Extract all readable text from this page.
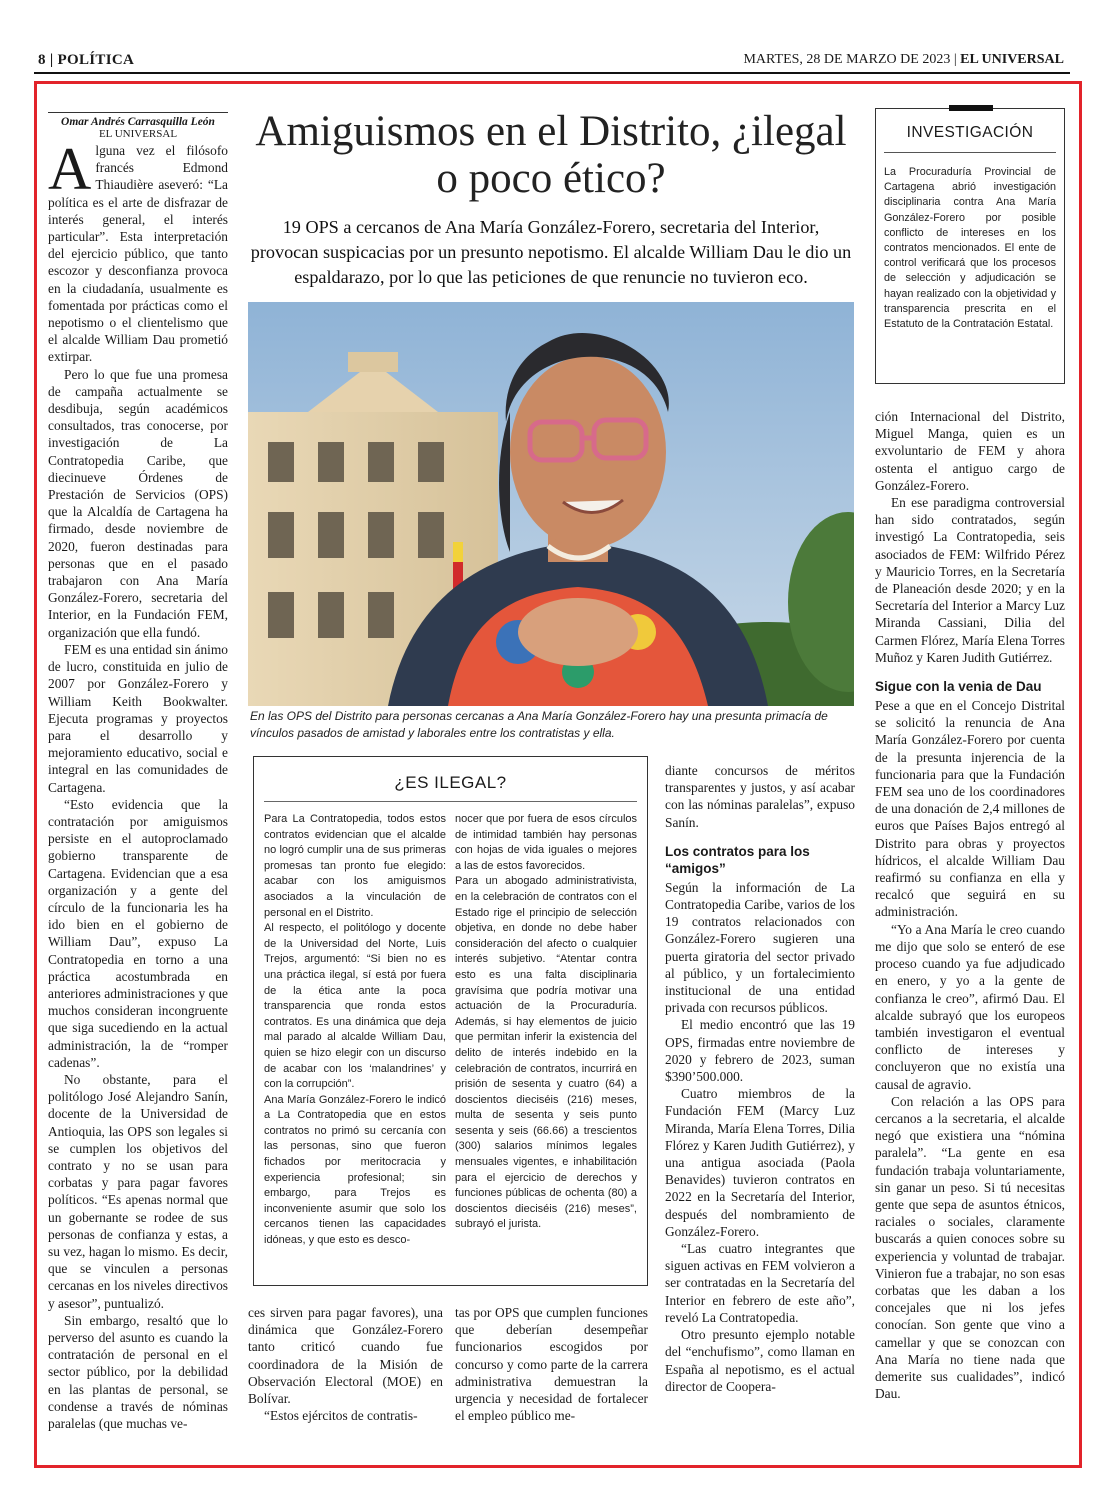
8 | POLÍTICA	MARTES, 28 DE MARZO DE 2023 | EL UNIVERSAL
Omar Andrés Carrasquilla León
EL UNIVERSAL

Alguna vez el filósofo francés Edmond Thiaudière aseveró: “La política es el arte de disfrazar de interés general, el interés particular”. Esta interpretación del ejercicio público, que tanto escozor y desconfianza provoca en la ciudadanía, usualmente es fomentada por prácticas como el nepotismo o el clientelismo que el alcalde William Dau prometió extirpar.

Pero lo que fue una promesa de campaña actualmente se desdibuja, según académicos consultados, tras conocerse, por investigación de La Contratopedia Caribe, que diecinueve Órdenes de Prestación de Servicios (OPS) que la Alcaldía de Cartagena ha firmado, desde noviembre de 2020, fueron destinadas para personas que en el pasado trabajaron con Ana María González-Forero, secretaria del Interior, en la Fundación FEM, organización que ella fundó.

FEM es una entidad sin ánimo de lucro, constituida en julio de 2007 por González-Forero y William Keith Bookwalter. Ejecuta programas y proyectos para el desarrollo y mejoramiento educativo, social e integral en las comunidades de Cartagena.

“Esto evidencia que la contratación por amiguismos persiste en el autoproclamado gobierno transparente de Cartagena. Evidencian que a esa organización y a gente del círculo de la funcionaria les ha ido bien en el gobierno de William Dau”, expuso La Contratopedia en torno a una práctica acostumbrada en anteriores administraciones y que muchos consideran incongruente que siga sucediendo en la actual administración, la de “romper cadenas”.

No obstante, para el politólogo José Alejandro Sanín, docente de la Universidad de Antioquia, las OPS son legales si se cumplen los objetivos del contrato y no se usan para corbatas y para pagar favores políticos. “Es apenas normal que un gobernante se rodee de sus personas de confianza y estas, a su vez, hagan lo mismo. Es decir, que se vinculen a personas cercanas en los niveles directivos y asesor”, puntualizó.

Sin embargo, resaltó que lo perverso del asunto es cuando la contratación de personal en el sector público, por la debilidad en las plantas de personal, se condense a través de nóminas paralelas (que muchas ve-

Amiguismos en el Distrito, ¿ilegal o poco ético?
19 OPS a cercanos de Ana María González-Forero, secretaria del Interior, provocan suspicacias por un presunto nepotismo. El alcalde William Dau le dio un espaldarazo, por lo que las peticiones de que renuncie no tuvieron eco.
En las OPS del Distrito para personas cercanas a Ana María González-Forero hay una presunta primacía de vínculos pasados de amistad y laborales entre los contratistas y ella.
¿ES ILEGAL?

Para La Contratopedia, todos estos contratos evidencian que el alcalde no logró cumplir una de sus primeras promesas tan pronto fue elegido: acabar con los amiguismos asociados a la vinculación de personal en el Distrito.

Al respecto, el politólogo y docente de la Universidad del Norte, Luis Trejos, argumentó: “Si bien no es una práctica ilegal, sí está por fuera de la ética ante la poca transparencia que ronda estos contratos. Es una dinámica que deja mal parado al alcalde William Dau, quien se hizo elegir con un discurso de acabar con los ‘malandrines’ y con la corrupción”.

Ana María González-Forero le indicó a La Contratopedia que en estos contratos no primó su cercanía con las personas, sino que fueron fichados por meritocracia y experiencia profesional; sin embargo, para Trejos es inconveniente asumir que solo los cercanos tienen las capacidades idóneas, y que esto es desco-

nocer que por fuera de esos círculos de intimidad también hay personas con hojas de vida iguales o mejores a las de estos favorecidos.

Para un abogado administrativista, en la celebración de contratos con el Estado rige el principio de selección objetiva, en donde no debe haber consideración del afecto o cualquier interés subjetivo. “Atentar contra esto es una falta disciplinaria gravísima que podría motivar una actuación de la Procuraduría. Además, si hay elementos de juicio que permitan inferir la existencia del delito de interés indebido en la celebración de contratos, incurrirá en prisión de sesenta y cuatro (64) a doscientos dieciséis (216) meses, multa de sesenta y seis punto sesenta y seis (66.66) a trescientos (300) salarios mínimos legales mensuales vigentes, e inhabilitación para el ejercicio de derechos y funciones públicas de ochenta (80) a doscientos dieciséis (216) meses”, subrayó el jurista.

ces sirven para pagar favores), una dinámica que González-Forero tanto criticó cuando fue coordinadora de la Misión de Observación Electoral (MOE) en Bolívar.

“Estos ejércitos de contratis-

tas por OPS que cumplen funciones que deberían desempeñar funcionarios escogidos por concurso y como parte de la carrera administrativa demuestran la urgencia y necesidad de fortalecer el empleo público me-

diante concursos de méritos transparentes y justos, y así acabar con las nóminas paralelas”, expuso Sanín.

Los contratos para los “amigos”

Según la información de La Contratopedia Caribe, varios de los 19 contratos relacionados con González-Forero sugieren una puerta giratoria del sector privado al público, y un fortalecimiento institucional de una entidad privada con recursos públicos.

El medio encontró que las 19 OPS, firmadas entre noviembre de 2020 y febrero de 2023, suman $390’500.000.

Cuatro miembros de la Fundación FEM (Marcy Luz Miranda, María Elena Torres, Dilia Flórez y Karen Judith Gutiérrez), y una antigua asociada (Paola Benavides) tuvieron contratos en 2022 en la Secretaría del Interior, después del nombramiento de González-Forero.

“Las cuatro integrantes que siguen activas en FEM volvieron a ser contratadas en la Secretaría del Interior en febrero de este año”, reveló La Contratopedia.

Otro presunto ejemplo notable del “enchufismo”, como llaman en España al nepotismo, es el actual director de Coopera-

INVESTIGACIÓN
La Procuraduría Provincial de Cartagena abrió investigación disciplinaria contra Ana María González-Forero por posible conflicto de intereses en los contratos mencionados. El ente de control verificará que los procesos de selección y adjudicación se hayan realizado con la objetividad y transparencia prescrita en el Estatuto de la Contratación Estatal.

ción Internacional del Distrito, Miguel Manga, quien es un exvoluntario de FEM y ahora ostenta el antiguo cargo de González-Forero.

En ese paradigma controversial han sido contratados, según investigó La Contratopedia, seis asociados de FEM: Wilfrido Pérez y Mauricio Torres, en la Secretaría de Planeación desde 2020; y en la Secretaría del Interior a Marcy Luz Miranda Cassiani, Dilia del Carmen Flórez, María Elena Torres Muñoz y Karen Judith Gutiérrez.

Sigue con la venia de Dau

Pese a que en el Concejo Distrital se solicitó la renuncia de Ana María González-Forero por cuenta de la presunta injerencia de la funcionaria para que la Fundación FEM sea uno de los coordinadores de una donación de 2,4 millones de euros que Países Bajos entregó al Distrito para obras y proyectos hídricos, el alcalde William Dau reafirmó su confianza en ella y recalcó que seguirá en su administración.

“Yo a Ana María le creo cuando me dijo que solo se enteró de ese proceso cuando ya fue adjudicado en enero, y yo a la gente de confianza le creo”, afirmó Dau. El alcalde subrayó que los europeos también investigaron el eventual conflicto de intereses y concluyeron que no existía una causal de agravio.

Con relación a las OPS para cercanos a la secretaria, el alcalde negó que existiera una “nómina paralela”. “La gente en esa fundación trabaja voluntariamente, sin ganar un peso. Si tú necesitas gente que sepa de asuntos étnicos, raciales o sociales, claramente buscarás a quien conoces sobre su experiencia y voluntad de trabajar. Vinieron fue a trabajar, no son esas corbatas que les daban a los concejales que ni los jefes conocían. Son gente que vino a camellar y que se conozcan con Ana María no tiene nada que demerite sus cualidades”, indicó Dau.
